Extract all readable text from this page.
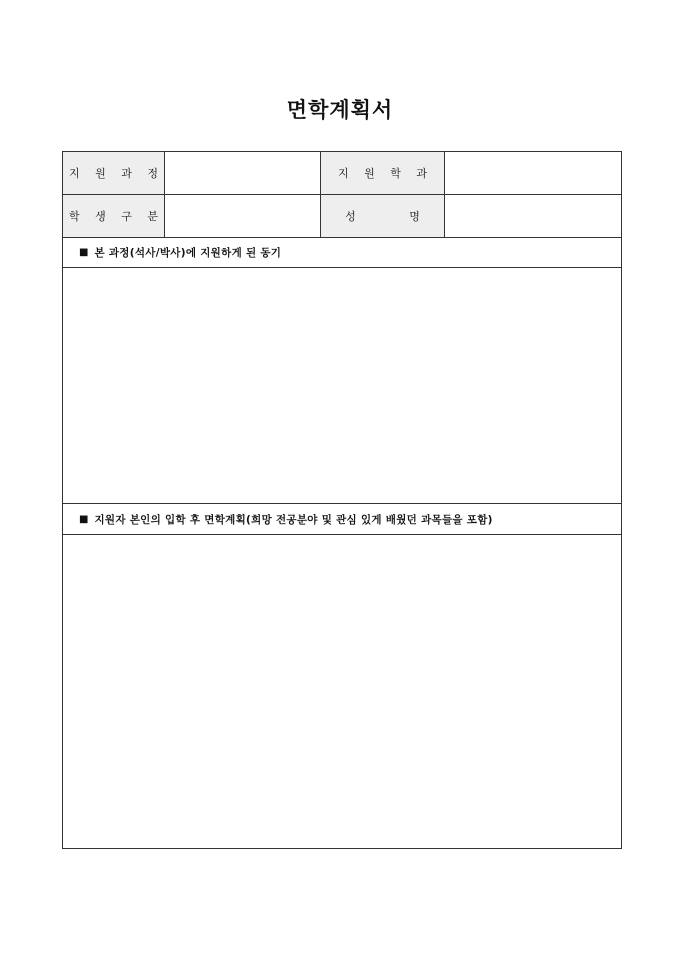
면학계획서
지 원 과 정	지 원 학 과
학 생 구 분	성     명
■ 본 과정(석사/박사)에 지원하게 된 동기
■ 지원자 본인의 입학 후 면학계획(희망 전공분야 및 관심 있게 배웠던 과목들을 포함)
